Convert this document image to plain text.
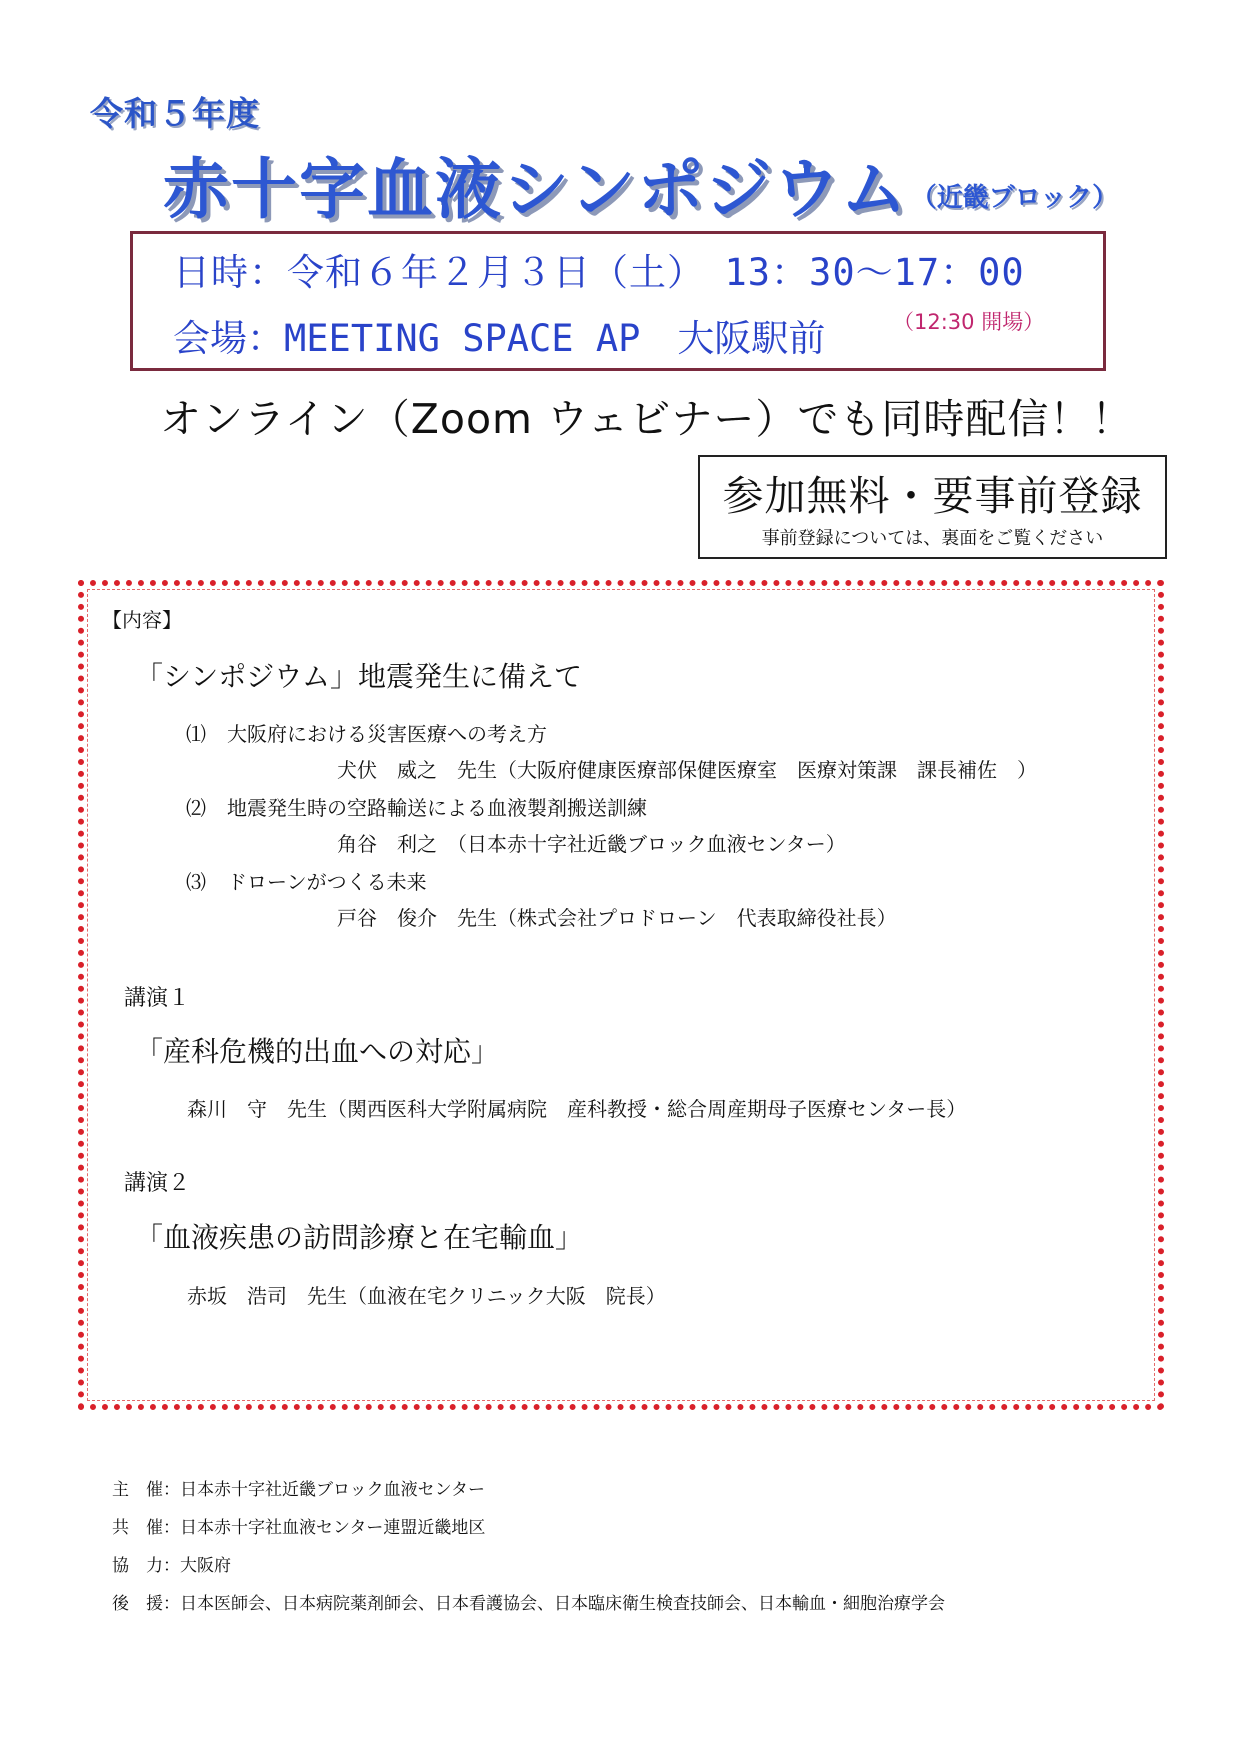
令和５年度
赤十字血液シンポジウム$^{(近畿ブロック)}$
日時：令和６年２月３日（土）　13：30～17：00
会場：MEETING SPACE AP　大阪駅前	（12:30 開場）
オンライン（Zoom ウェビナー）でも同時配信！！
参加無料・要事前登録
事前登録については、裏面をご覧ください
【内容】
「シンポジウム」地震発生に備えて
⑴ 大阪府における災害医療への考え方
犬伏　威之　先生（大阪府健康医療部保健医療室　医療対策課　課長補佐　）
⑵ 地震発生時の空路輸送による血液製剤搬送訓練
角谷　利之　（日本赤十字社近畿ブロック血液センター）
⑶ ドローンがつくる未来
戸谷　俊介　先生（株式会社プロドローン　代表取締役社長）
講演１
「産科危機的出血への対応」
森川　守　先生（関西医科大学附属病院　産科教授・総合周産期母子医療センター長）
講演２
「血液疾患の訪問診療と在宅輸血」
赤坂　浩司　先生（血液在宅クリニック大阪　院長）
主　催：日本赤十字社近畿ブロック血液センター
共　催：日本赤十字社血液センター連盟近畿地区
協　力：大阪府
後　援：日本医師会、日本病院薬剤師会、日本看護協会、日本臨床衛生検査技師会、日本輸血・細胞治療学会
